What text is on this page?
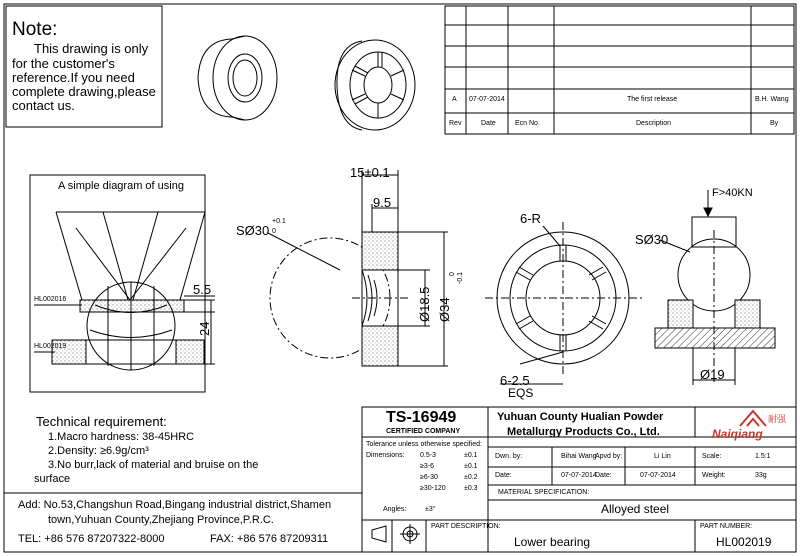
Note:
This drawing is only
for the customer's
reference.If you need
complete drawing,please
contact us.	A 07-07-2014	The first release	B.H. Wang
Rev	Date	Ecn No.	Description	By
A simple diagram of using
HL002016
HL002019
5.5
24
15±0.1
9.5
SØ30
+0.1
0
Ø18.5 Ø34
0 -0.1
6-R
6-2.5
EQS
F>40KN
SØ30
Ø19
Technical requirement:
1.Macro hardness: 38-45HRC
2.Density: ≥6.9g/cm³
3.No burr,lack of material and bruise on the
surface
Add: No.53,Changshun Road,Bingang industrial district,Shamen
town,Yuhuan County,Zhejiang Province,P.R.C.
TEL: +86 576 87207322-8000	FAX: +86 576 87209311
TS-16949
CERTIFIED COMPANY
Yuhuan County Hualian Powder
Metallurgy Products Co., Ltd.
耐强
Naiqiang
Tolerance unless otherwise specified:
Dimensions: 0.5-3	±0.1
≥3-6	±0.1
≥6-30	±0.2
≥30-120	±0.3
Angles:	±3°
Dwn. by:	Bihai Wang
Apvd by:	Li Lin	Scale:	1.5:1
Date:	07-07-2014
Date:	07-07-2014	Weight:	33g
MATERIAL SPECIFICATION:
Alloyed steel
PART DESCRIPTION:
Lower bearing
PART NUMBER:
HL002019
